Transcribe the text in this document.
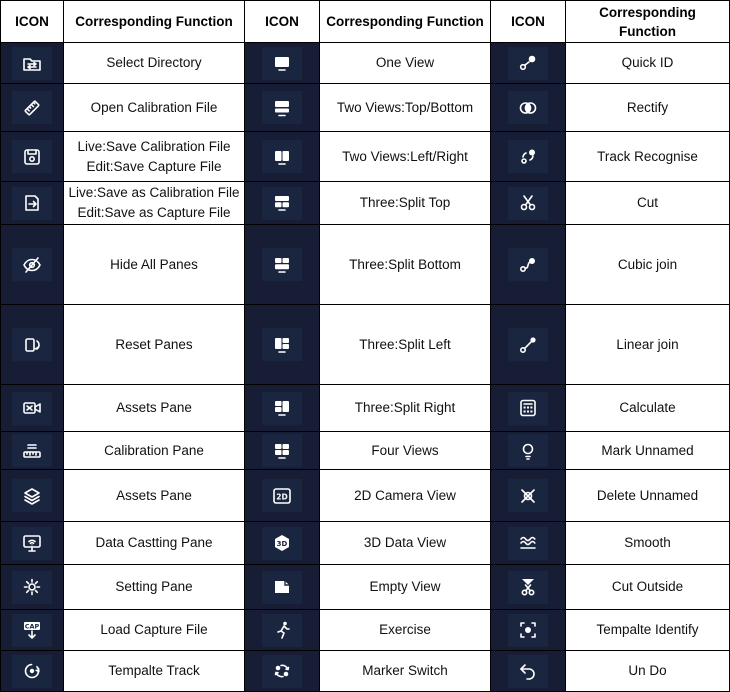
ICON	Corresponding Function	ICON	Corresponding Function	ICON	Corresponding
Function

	Select Directory		One View		Quick ID

	Open Calibration File		Two Views:Top/Bottom		Rectify

	Live:Save Calibration File
Edit:Save Capture File		Two Views:Left/Right		Track Recognise

	Live:Save as Calibration File
Edit:Save as Capture File		Three:Split Top		Cut

	Hide All Panes		Three:Split Bottom		Cubic join

	Reset Panes		Three:Split Left		Linear join

	Assets Pane		Three:Split Right		Calculate

	Calibration Pane		Four Views		Mark Unnamed

	Assets Pane	2D	2D Camera View		Delete Unnamed

	Data Castting Pane	3D	3D Data View		Smooth

	Setting Pane		Empty View		Cut Outside

CAP	Load Capture File		Exercise		Tempalte Identify

	Tempalte Track		Marker Switch		Un Do
